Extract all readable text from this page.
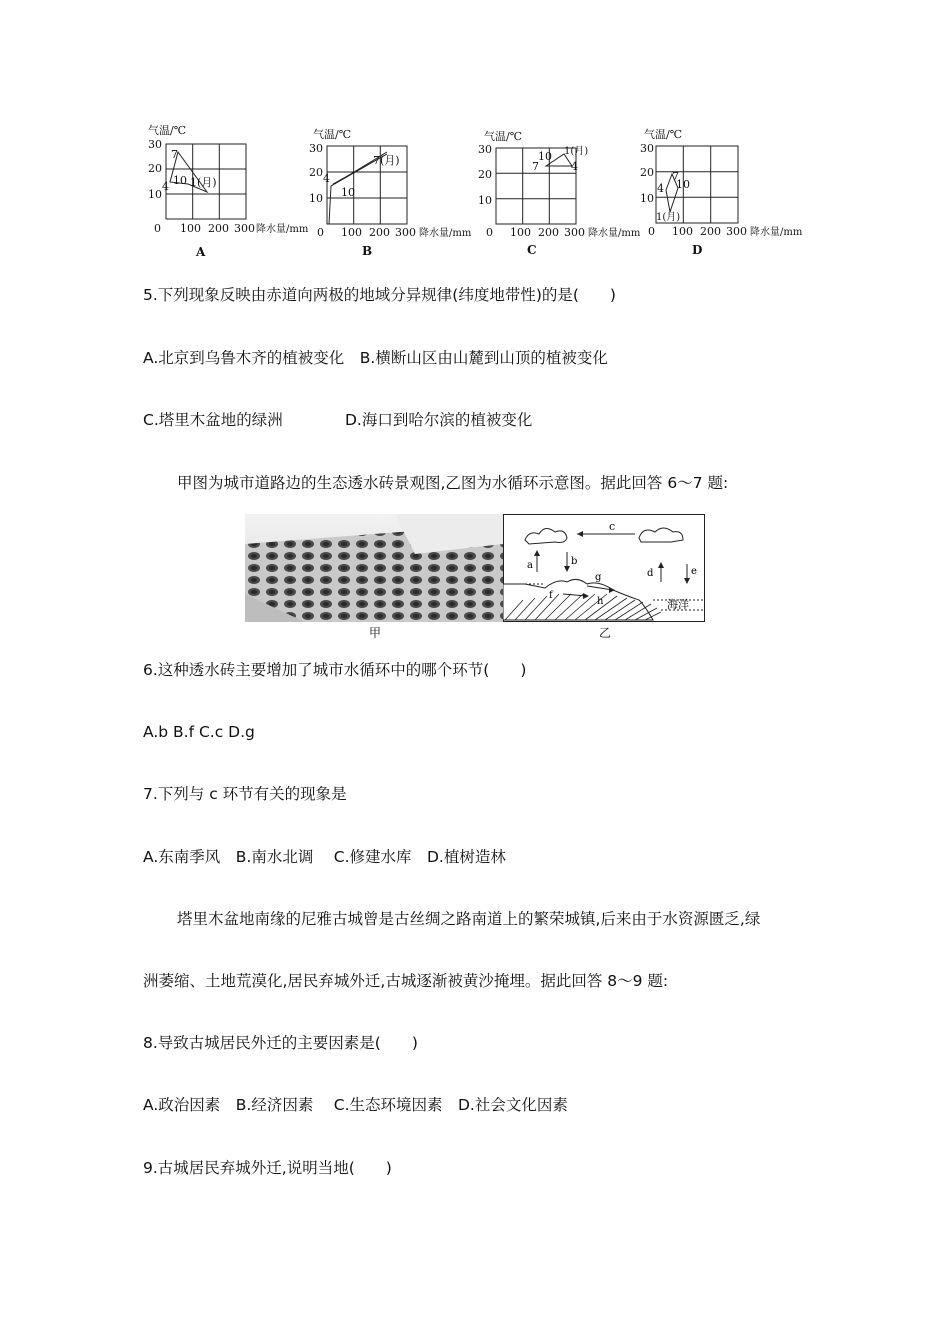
气温/℃
30
20
10
7
4 10 1(月)
0 100 200 300 降水量/mm
A
气温/℃
30
20
10
7(月)
4
10
0 100 200 300 降水量/mm
B
气温/℃
30
20
10
10 1(月)
7	4
0 100 200 300 降水量/mm
C
气温/℃
30
20
10
7
4 10
1(月)
0 100 200 300 降水量/mm
D
5.下列现象反映由赤道向两极的地域分异规律(纬度地带性)的是(　　)
A.北京到乌鲁木齐的植被变化　B.横断山区由山麓到山顶的植被变化
C.塔里木盆地的绿洲	D.海口到哈尔滨的植被变化
甲图为城市道路边的生态透水砖景观图,乙图为水循环示意图。据此回答 6～7 题:
甲
c
a	b
d	e
海洋
f
g
h
乙
6.这种透水砖主要增加了城市水循环中的哪个环节(　　)
A.b B.f C.c D.g
7.下列与 c 环节有关的现象是
A.东南季风　B.南水北调　 C.修建水库　D.植树造林
塔里木盆地南缘的尼雅古城曾是古丝绸之路南道上的繁荣城镇,后来由于水资源匮乏,绿
洲萎缩、土地荒漠化,居民弃城外迁,古城逐渐被黄沙掩埋。据此回答 8～9 题:
8.导致古城居民外迁的主要因素是(　　)
A.政治因素　B.经济因素　 C.生态环境因素　D.社会文化因素
9.古城居民弃城外迁,说明当地(　　)
